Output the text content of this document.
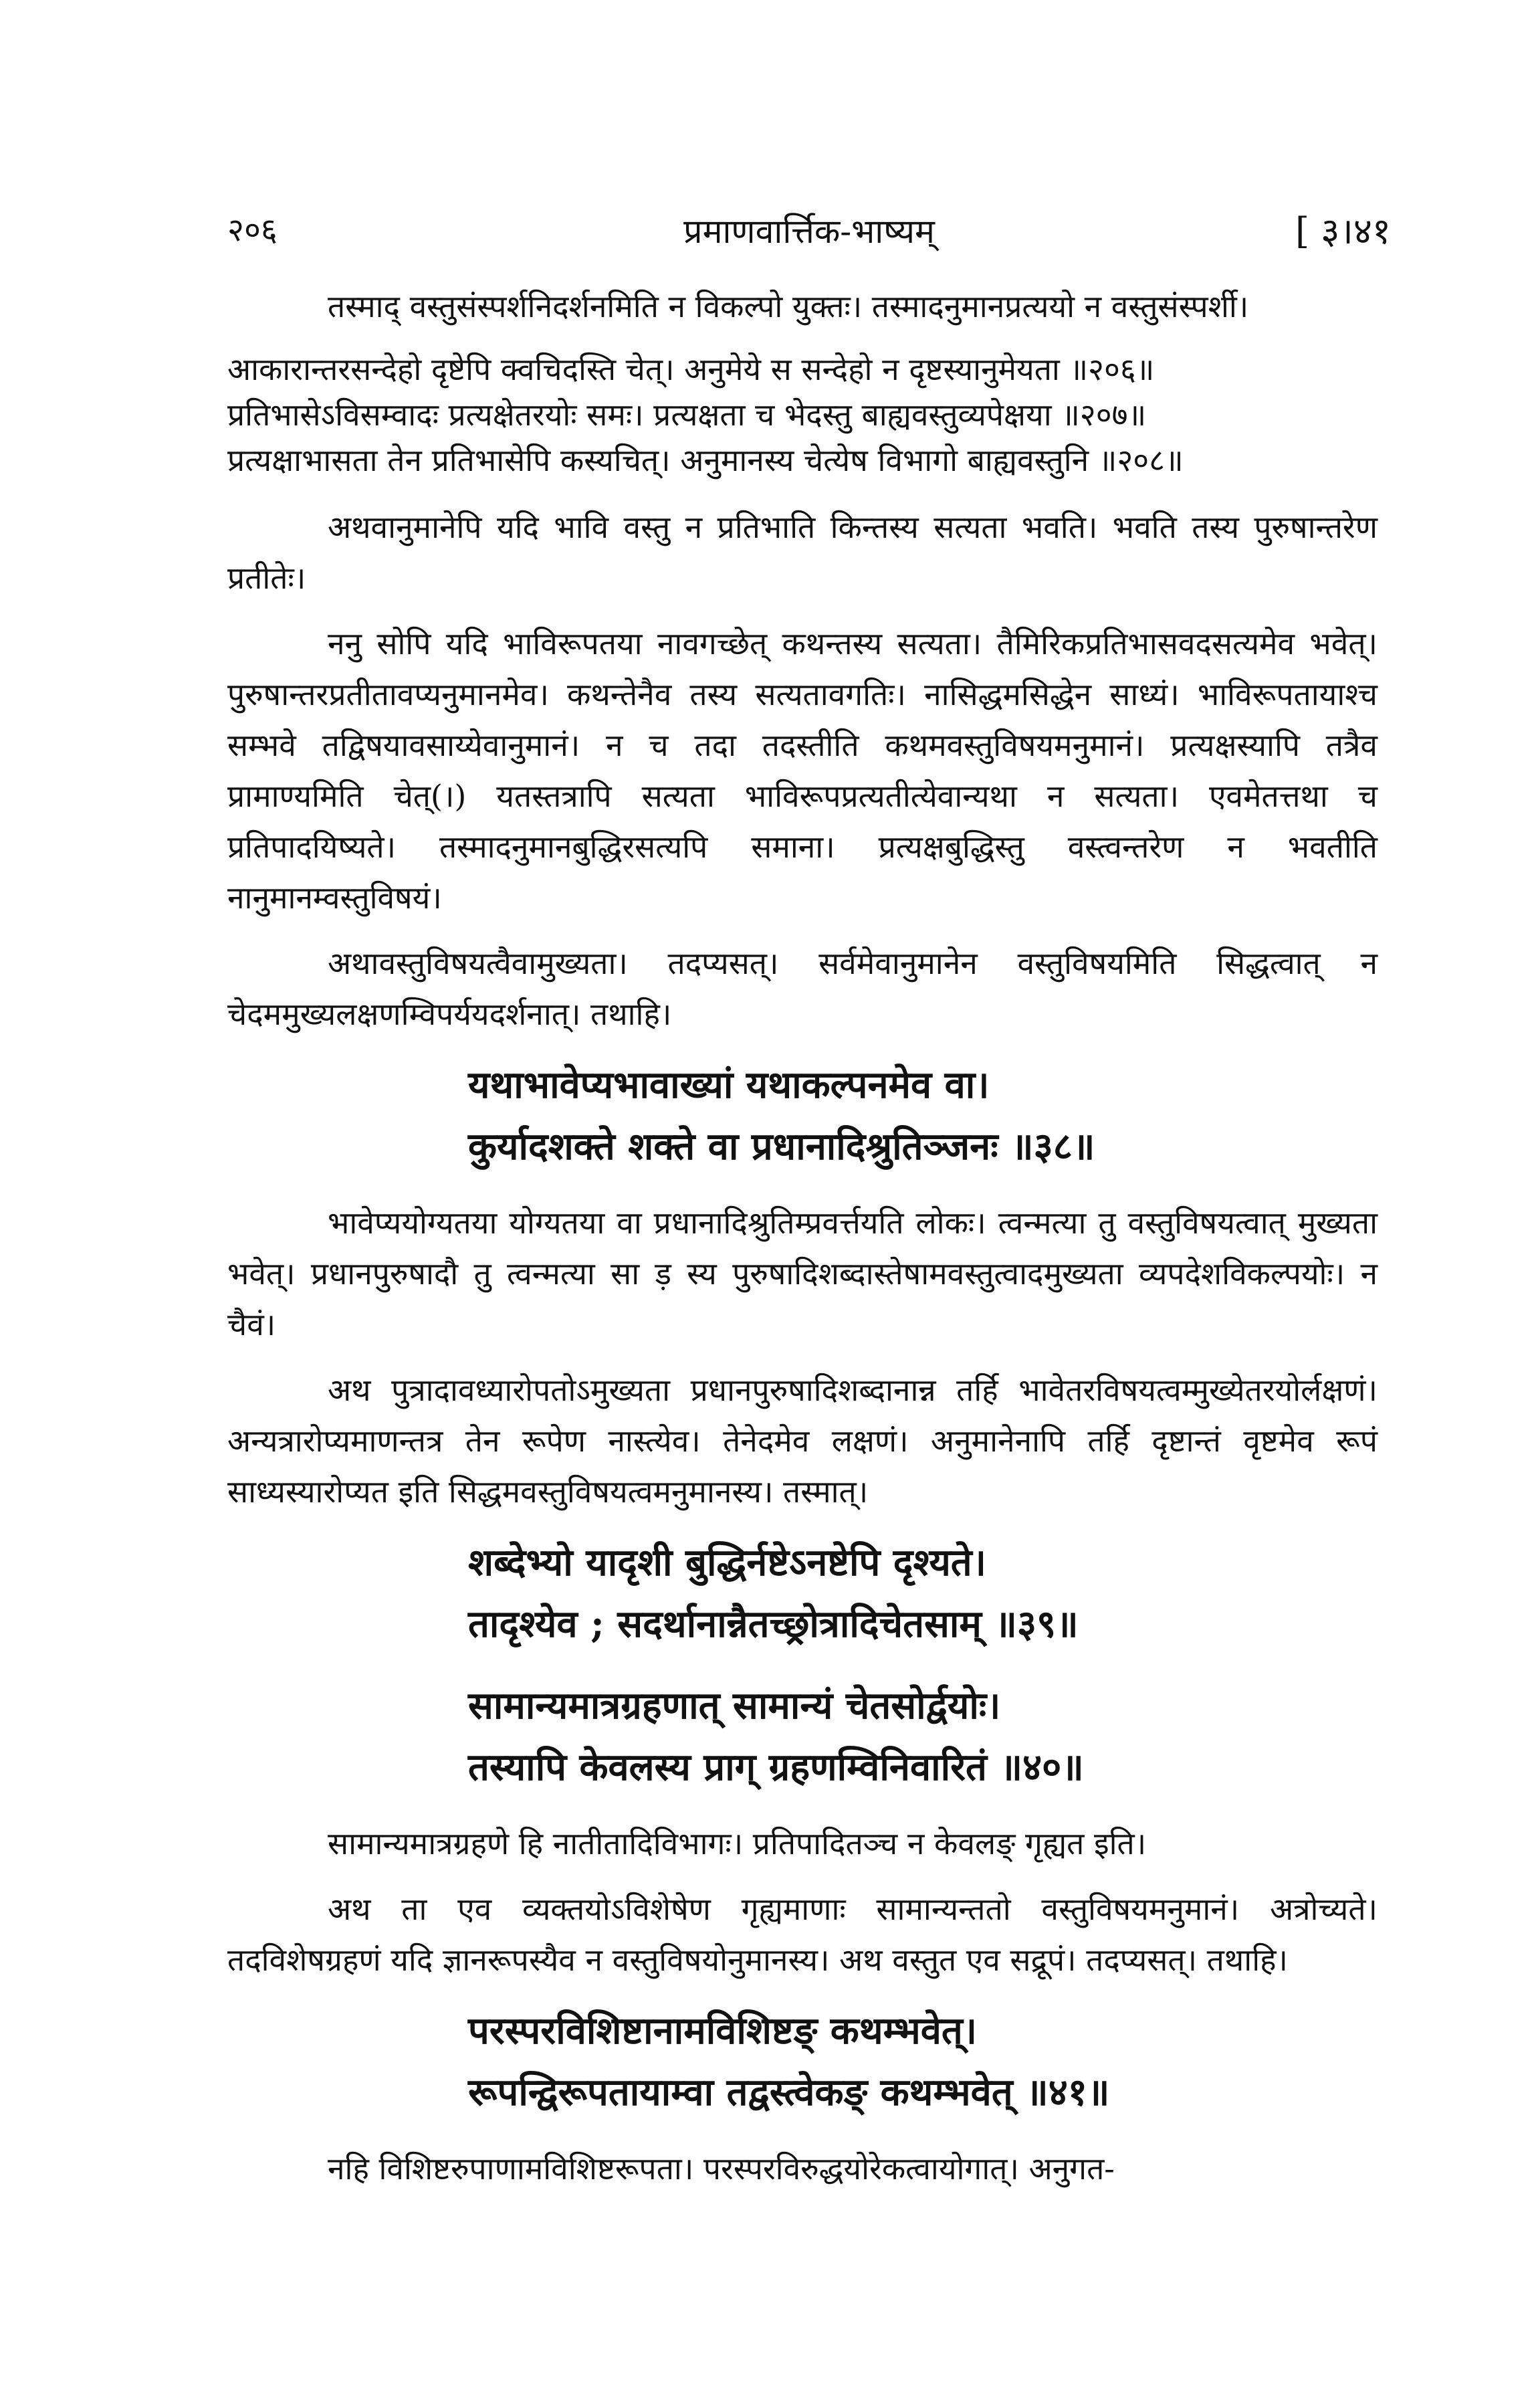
२०६	प्रमाणवार्त्तिक-भाष्यम्	[ ३।४१

तस्माद् वस्तुसंस्पर्शनिदर्शनमिति न विकल्पो युक्तः। तस्मादनुमानप्रत्ययो न वस्तुसंस्पर्शी।

आकारान्तरसन्देहो दृष्टेपि क्वचिदस्ति चेत्। अनुमेये स सन्देहो न दृष्टस्यानुमेयता ॥२०६॥

प्रतिभासेऽविसम्वादः प्रत्यक्षेतरयोः समः। प्रत्यक्षता च भेदस्तु बाह्यवस्तुव्यपेक्षया ॥२०७॥

प्रत्यक्षाभासता तेन प्रतिभासेपि कस्यचित्। अनुमानस्य चेत्येष विभागो बाह्यवस्तुनि ॥२०८॥

अथवानुमानेपि यदि भावि वस्तु न प्रतिभाति किन्तस्य सत्यता भवति। भवति तस्य पुरुषान्तरेण प्रतीतेः।

ननु सोपि यदि भाविरूपतया नावगच्छेत् कथन्तस्य सत्यता। तैमिरिकप्रतिभासवदसत्यमेव भवेत्। पुरुषान्तरप्रतीतावप्यनुमानमेव। कथन्तेनैव तस्य सत्यतावगतिः। नासिद्धमसिद्धेन साध्यं। भाविरूपतायाश्च सम्भवे तद्विषयावसाय्येवानुमानं। न च तदा तदस्तीति कथमवस्तुविषयमनुमानं। प्रत्यक्षस्यापि तत्रैव प्रामाण्यमिति चेत्(।) यतस्तत्रापि सत्यता भाविरूपप्रत्यतीत्येवान्यथा न सत्यता। एवमेतत्तथा च प्रतिपादयिष्यते। तस्मादनुमानबुद्धिरसत्यपि समाना। प्रत्यक्षबुद्धिस्तु वस्त्वन्तरेण न भवतीति नानुमानम्वस्तुविषयं।

अथावस्तुविषयत्वैवामुख्यता। तदप्यसत्। सर्वमेवानुमानेन वस्तुविषयमिति सिद्धत्वात् न चेदममुख्यलक्षणम्विपर्ययदर्शनात्। तथाहि।

यथाभावेप्यभावाख्यां यथाकल्पनमेव वा।

कुर्यादशक्ते शक्ते वा प्रधानादिश्रुतिञ्जनः ॥३८॥

भावेप्ययोग्यतया योग्यतया वा प्रधानादिश्रुतिम्प्रवर्त्तयति लोकः। त्वन्मत्या तु वस्तुविषयत्वात् मुख्यता भवेत्। प्रधानपुरुषादौ तु त्वन्मत्या सा ड़ स्य पुरुषादिशब्दास्तेषामवस्तुत्वादमुख्यता व्यपदेशविकल्पयोः। न चैवं।

अथ पुत्रादावध्यारोपतोऽमुख्यता प्रधानपुरुषादिशब्दानान्न तर्हि भावेतरविषयत्वम्मुख्येतरयोर्लक्षणं। अन्यत्रारोप्यमाणन्तत्र तेन रूपेण नास्त्येव। तेनेदमेव लक्षणं। अनुमानेनापि तर्हि दृष्टान्तं वृष्टमेव रूपं साध्यस्यारोप्यत इति सिद्धमवस्तुविषयत्वमनुमानस्य। तस्मात्।

शब्देभ्यो यादृशी बुद्धिर्नष्टेऽनष्टेपि दृश्यते।

तादृश्येव ; सदर्थानान्नैतच्छ्रोत्रादिचेतसाम् ॥३९॥

सामान्यमात्रग्रहणात् सामान्यं चेतसोर्द्वयोः।

तस्यापि केवलस्य प्राग् ग्रहणम्विनिवारितं ॥४०॥

सामान्यमात्रग्रहणे हि नातीतादिविभागः। प्रतिपादितञ्च न केवलङ् गृह्यत इति।

अथ ता एव व्यक्तयोऽविशेषेण गृह्यमाणाः सामान्यन्ततो वस्तुविषयमनुमानं। अत्रोच्यते। तदविशेषग्रहणं यदि ज्ञानरूपस्यैव न वस्तुविषयोनुमानस्य। अथ वस्तुत एव सद्रूपं। तदप्यसत्। तथाहि।

परस्परविशिष्टानामविशिष्टङ् कथम्भवेत्।

रूपन्द्विरूपतायाम्वा तद्वस्त्वेकङ् कथम्भवेत् ॥४१॥

नहि विशिष्टरुपाणामविशिष्टरूपता। परस्परविरुद्धयोरेकत्वायोगात्। अनुगत-
